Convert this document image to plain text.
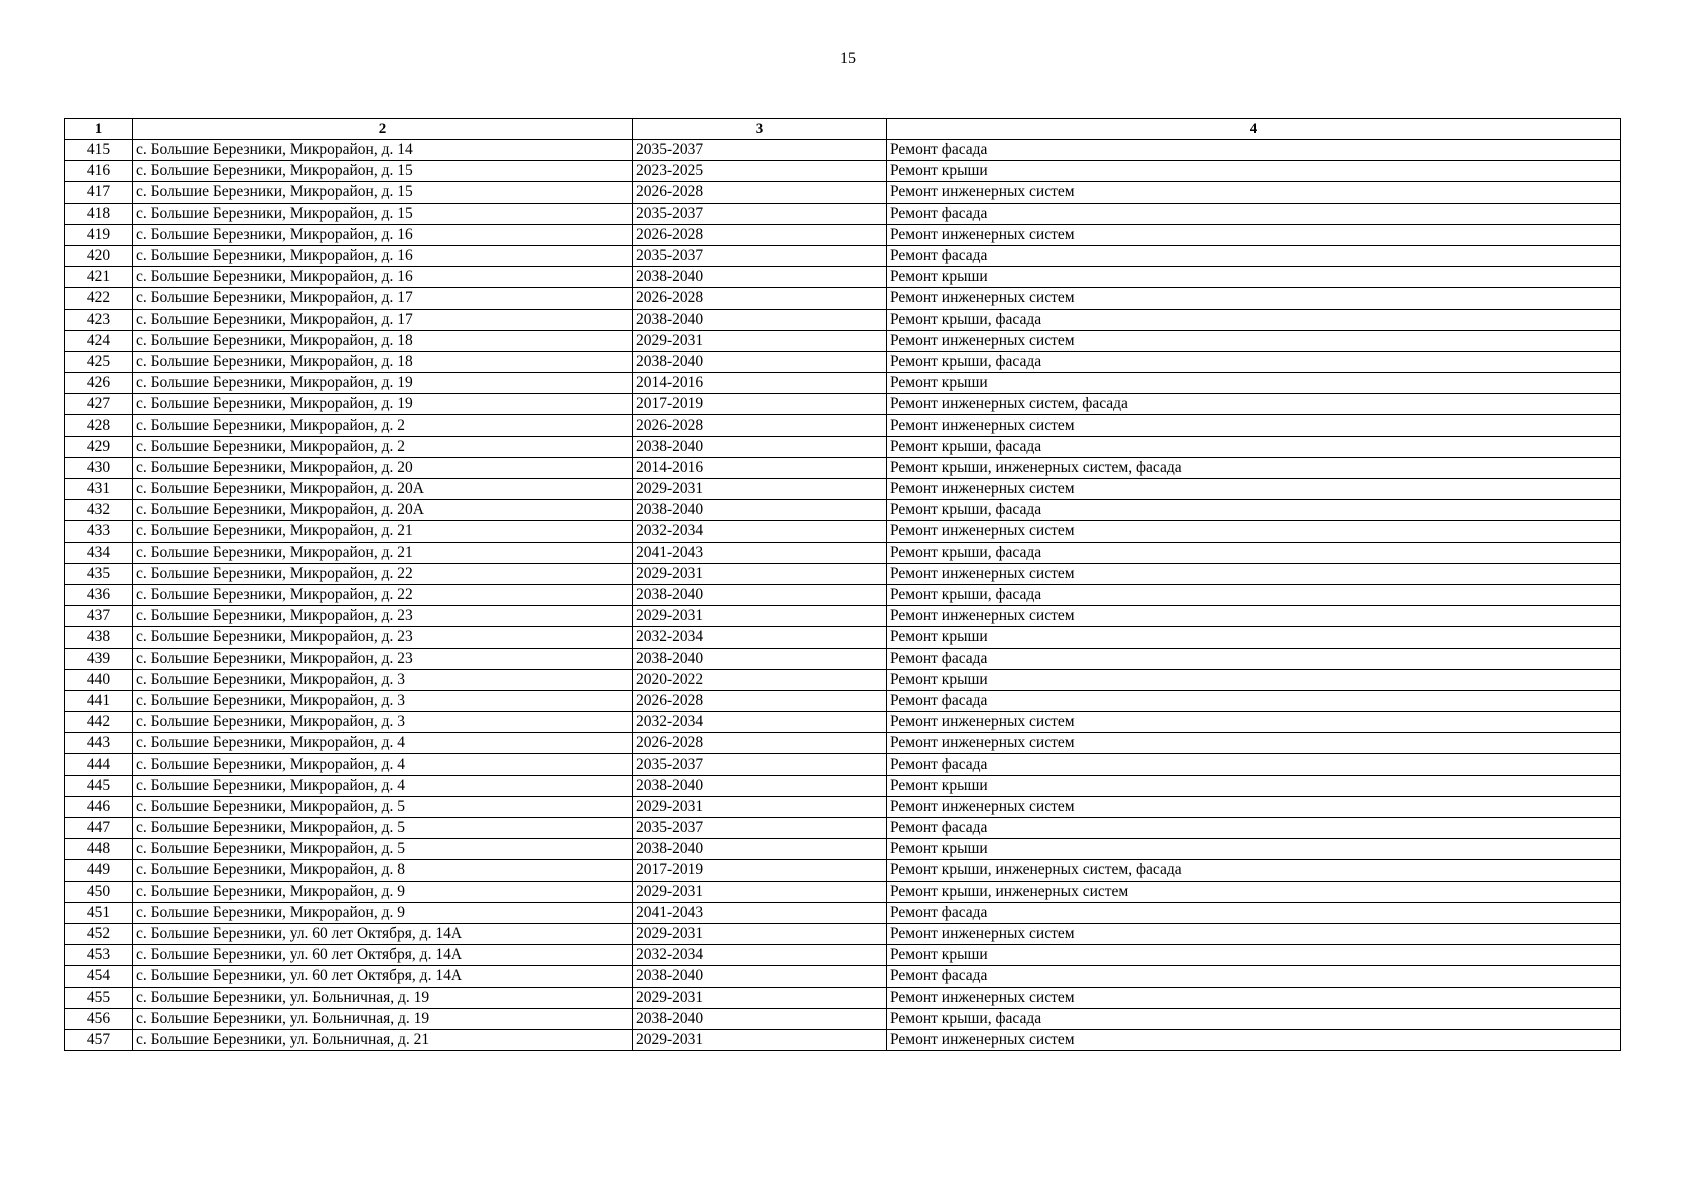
15
1	2	3	4
415	с. Большие Березники, Микрорайон, д. 14	2035-2037	Ремонт фасада
416	с. Большие Березники, Микрорайон, д. 15	2023-2025	Ремонт крыши
417	с. Большие Березники, Микрорайон, д. 15	2026-2028	Ремонт инженерных систем
418	с. Большие Березники, Микрорайон, д. 15	2035-2037	Ремонт фасада
419	с. Большие Березники, Микрорайон, д. 16	2026-2028	Ремонт инженерных систем
420	с. Большие Березники, Микрорайон, д. 16	2035-2037	Ремонт фасада
421	с. Большие Березники, Микрорайон, д. 16	2038-2040	Ремонт крыши
422	с. Большие Березники, Микрорайон, д. 17	2026-2028	Ремонт инженерных систем
423	с. Большие Березники, Микрорайон, д. 17	2038-2040	Ремонт крыши, фасада
424	с. Большие Березники, Микрорайон, д. 18	2029-2031	Ремонт инженерных систем
425	с. Большие Березники, Микрорайон, д. 18	2038-2040	Ремонт крыши, фасада
426	с. Большие Березники, Микрорайон, д. 19	2014-2016	Ремонт крыши
427	с. Большие Березники, Микрорайон, д. 19	2017-2019	Ремонт инженерных систем, фасада
428	с. Большие Березники, Микрорайон, д. 2	2026-2028	Ремонт инженерных систем
429	с. Большие Березники, Микрорайон, д. 2	2038-2040	Ремонт крыши, фасада
430	с. Большие Березники, Микрорайон, д. 20	2014-2016	Ремонт крыши, инженерных систем, фасада
431	с. Большие Березники, Микрорайон, д. 20А	2029-2031	Ремонт инженерных систем
432	с. Большие Березники, Микрорайон, д. 20А	2038-2040	Ремонт крыши, фасада
433	с. Большие Березники, Микрорайон, д. 21	2032-2034	Ремонт инженерных систем
434	с. Большие Березники, Микрорайон, д. 21	2041-2043	Ремонт крыши, фасада
435	с. Большие Березники, Микрорайон, д. 22	2029-2031	Ремонт инженерных систем
436	с. Большие Березники, Микрорайон, д. 22	2038-2040	Ремонт крыши, фасада
437	с. Большие Березники, Микрорайон, д. 23	2029-2031	Ремонт инженерных систем
438	с. Большие Березники, Микрорайон, д. 23	2032-2034	Ремонт крыши
439	с. Большие Березники, Микрорайон, д. 23	2038-2040	Ремонт фасада
440	с. Большие Березники, Микрорайон, д. 3	2020-2022	Ремонт крыши
441	с. Большие Березники, Микрорайон, д. 3	2026-2028	Ремонт фасада
442	с. Большие Березники, Микрорайон, д. 3	2032-2034	Ремонт инженерных систем
443	с. Большие Березники, Микрорайон, д. 4	2026-2028	Ремонт инженерных систем
444	с. Большие Березники, Микрорайон, д. 4	2035-2037	Ремонт фасада
445	с. Большие Березники, Микрорайон, д. 4	2038-2040	Ремонт крыши
446	с. Большие Березники, Микрорайон, д. 5	2029-2031	Ремонт инженерных систем
447	с. Большие Березники, Микрорайон, д. 5	2035-2037	Ремонт фасада
448	с. Большие Березники, Микрорайон, д. 5	2038-2040	Ремонт крыши
449	с. Большие Березники, Микрорайон, д. 8	2017-2019	Ремонт крыши, инженерных систем, фасада
450	с. Большие Березники, Микрорайон, д. 9	2029-2031	Ремонт крыши, инженерных систем
451	с. Большие Березники, Микрорайон, д. 9	2041-2043	Ремонт фасада
452	с. Большие Березники, ул. 60 лет Октября, д. 14А	2029-2031	Ремонт инженерных систем
453	с. Большие Березники, ул. 60 лет Октября, д. 14А	2032-2034	Ремонт крыши
454	с. Большие Березники, ул. 60 лет Октября, д. 14А	2038-2040	Ремонт фасада
455	с. Большие Березники, ул. Больничная, д. 19	2029-2031	Ремонт инженерных систем
456	с. Большие Березники, ул. Больничная, д. 19	2038-2040	Ремонт крыши, фасада
457	с. Большие Березники, ул. Больничная, д. 21	2029-2031	Ремонт инженерных систем
